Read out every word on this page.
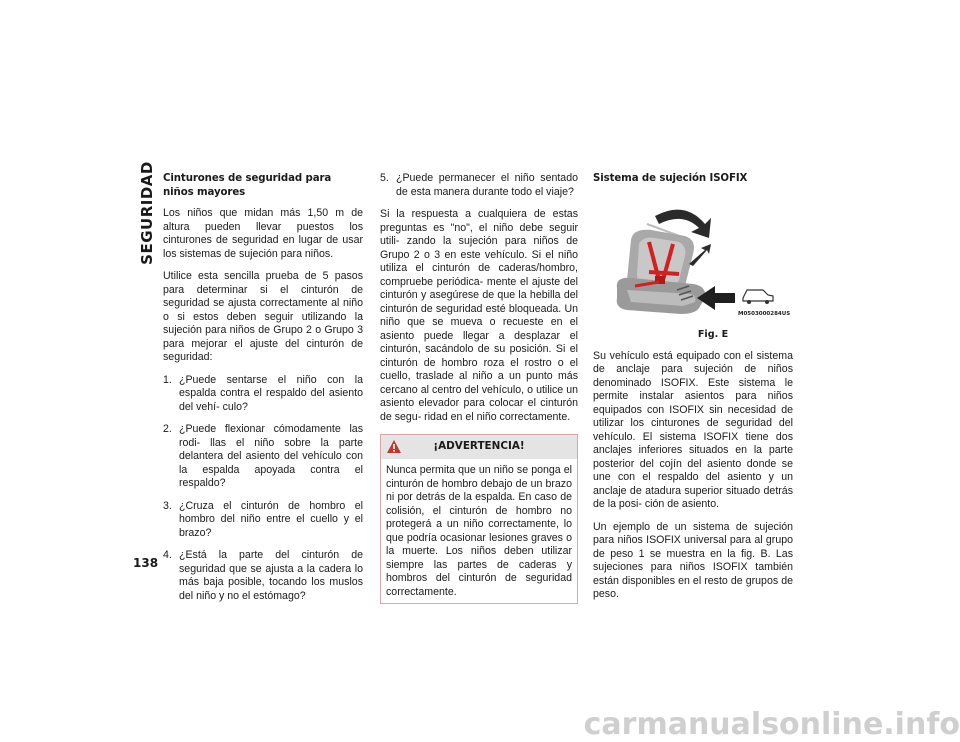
SEGURIDAD Cinturones de seguridad para niños mayores

Los niños que midan más 1,50 m de altura pueden llevar puestos los cinturones de seguridad en lugar de usar los sistemas de sujeción para niños.

Utilice esta sencilla prueba de 5 pasos para determinar si el cinturón de seguridad se ajusta correctamente al niño o si estos deben seguir utilizando la sujeción para niños de Grupo 2 o Grupo 3 para mejorar el ajuste del cinturón de seguridad:

1. ¿Puede sentarse el niño con la espalda contra el respaldo del asiento del vehí- culo?
2. ¿Puede flexionar cómodamente las rodi- llas el niño sobre la parte delantera del asiento del vehículo con la espalda apoyada contra el respaldo?
3. ¿Cruza el cinturón de hombro el hombro del niño entre el cuello y el brazo?
4. ¿Está la parte del cinturón de seguridad que se ajusta a la cadera lo más baja posible, tocando los muslos del niño y no el estómago?
5. ¿Puede permanecer el niño sentado de esta manera durante todo el viaje?

Si la respuesta a cualquiera de estas preguntas es "no", el niño debe seguir utili- zando la sujeción para niños de Grupo 2 o 3 en este vehículo. Si el niño utiliza el cinturón de caderas/hombro, compruebe periódica- mente el ajuste del cinturón y asegúrese de que la hebilla del cinturón de seguridad esté bloqueada. Un niño que se mueva o recueste en el asiento puede llegar a desplazar el cinturón, sacándolo de su posición. Si el cinturón de hombro roza el rostro o el cuello, traslade al niño a un punto más cercano al centro del vehículo, o utilice un asiento elevador para colocar el cinturón de segu- ridad en el niño correctamente.

¡ADVERTENCIA!
Nunca permita que un niño se ponga el cinturón de hombro debajo de un brazo ni por detrás de la espalda. En caso de colisión, el cinturón de hombro no protegerá a un niño correctamente, lo que podría ocasionar lesiones graves o la muerte. Los niños deben utilizar siempre las partes de caderas y hombros del cinturón de seguridad correctamente.
Sistema de sujeción ISOFIX
M0503000284US
Fig. E

Su vehículo está equipado con el sistema de anclaje para sujeción de niños denominado ISOFIX. Este sistema le permite instalar asientos para niños equipados con ISOFIX sin necesidad de utilizar los cinturones de seguridad del vehículo. El sistema ISOFIX tiene dos anclajes inferiores situados en la parte posterior del cojín del asiento donde se une con el respaldo del asiento y un anclaje de atadura superior situado detrás de la posi- ción de asiento.

Un ejemplo de un sistema de sujeción para niños ISOFIX universal para al grupo de peso 1 se muestra en la fig. B. Las sujeciones para niños ISOFIX también están disponibles en el resto de grupos de peso.

138
carmanualsonline.info
